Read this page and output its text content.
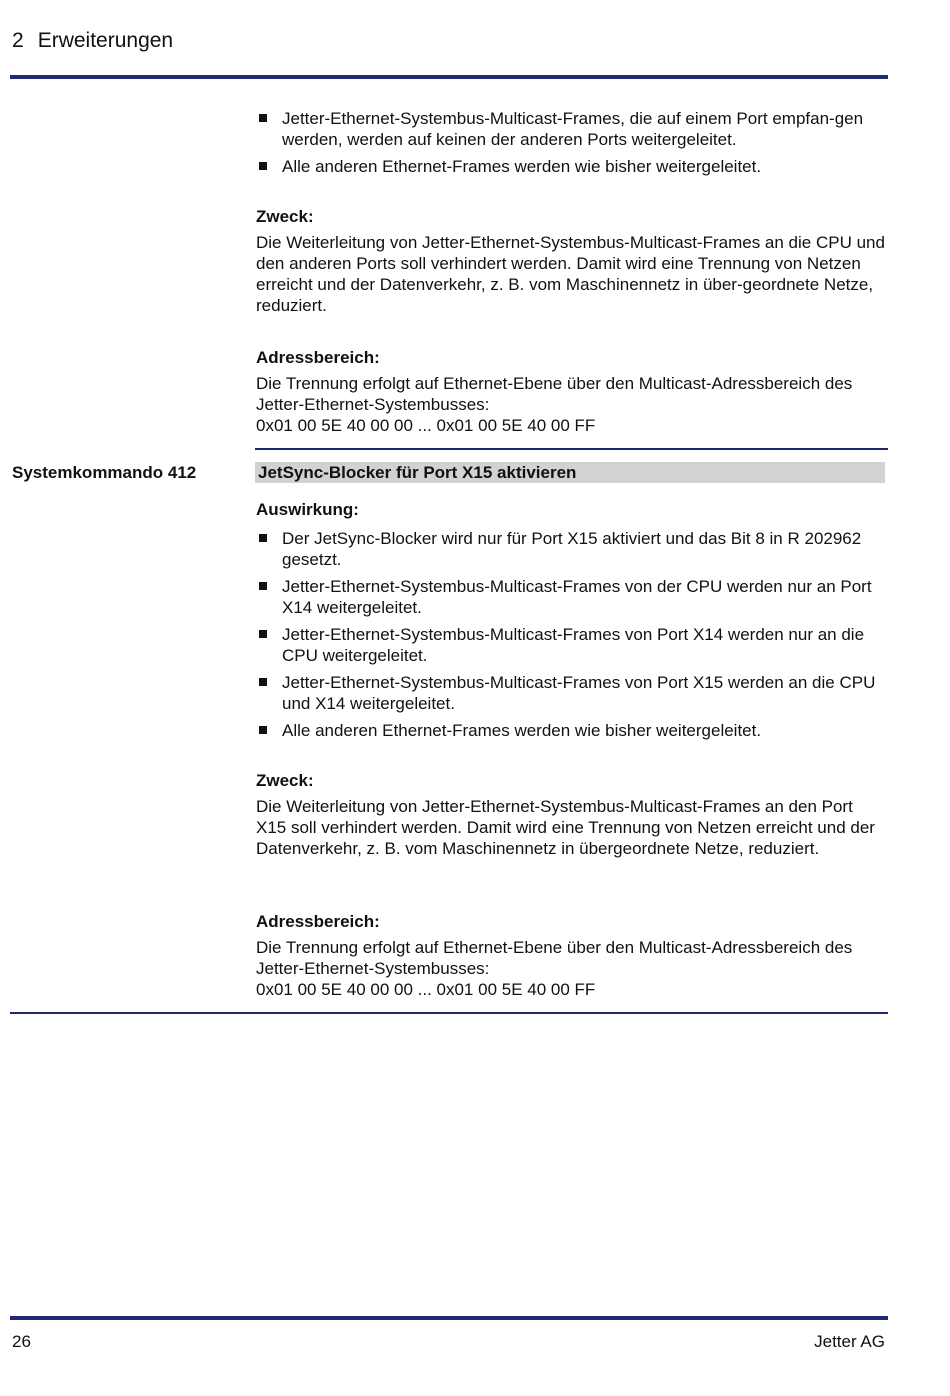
2 Erweiterungen
Jetter-Ethernet-Systembus-Multicast-Frames, die auf einem Port empfan-gen werden, werden auf keinen der anderen Ports weitergeleitet.
Alle anderen Ethernet-Frames werden wie bisher weitergeleitet.
Zweck:

Die Weiterleitung von Jetter-Ethernet-Systembus-Multicast-Frames an die CPU und den anderen Ports soll verhindert werden. Damit wird eine Trennung von Netzen erreicht und der Datenverkehr, z. B. vom Maschinennetz in über-geordnete Netze, reduziert.

Adressbereich:

Die Trennung erfolgt auf Ethernet-Ebene über den Multicast-Adressbereich des Jetter-Ethernet-Systembusses:

0x01 00 5E 40 00 00 ... 0x01 00 5E 40 00 FF

Systemkommando 412	JetSync-Blocker für Port X15 aktivieren
Auswirkung:
Der JetSync-Blocker wird nur für Port X15 aktiviert und das Bit 8 in R 202962 gesetzt.
Jetter-Ethernet-Systembus-Multicast-Frames von der CPU werden nur an Port X14 weitergeleitet.
Jetter-Ethernet-Systembus-Multicast-Frames von Port X14 werden nur an die CPU weitergeleitet.
Jetter-Ethernet-Systembus-Multicast-Frames von Port X15 werden an die CPU und X14 weitergeleitet.
Alle anderen Ethernet-Frames werden wie bisher weitergeleitet.
Zweck:

Die Weiterleitung von Jetter-Ethernet-Systembus-Multicast-Frames an den Port X15 soll verhindert werden. Damit wird eine Trennung von Netzen erreicht und der Datenverkehr, z. B. vom Maschinennetz in übergeordnete Netze, reduziert.

Adressbereich:

Die Trennung erfolgt auf Ethernet-Ebene über den Multicast-Adressbereich des Jetter-Ethernet-Systembusses:

0x01 00 5E 40 00 00 ... 0x01 00 5E 40 00 FF

26	Jetter AG
